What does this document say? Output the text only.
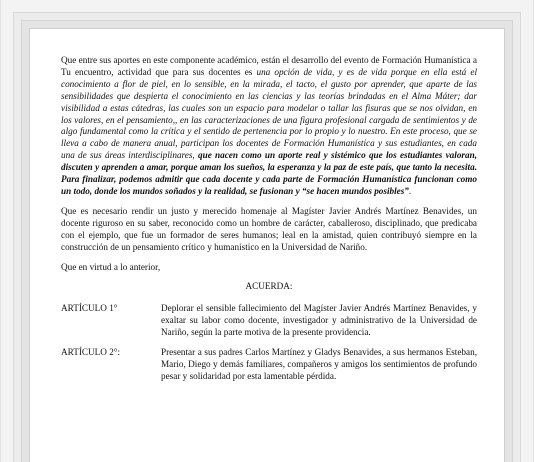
Que entre sus aportes en este componente académico, están el desarrollo del evento de Formación Humanística a Tu encuentro, actividad que para sus docentes es una opción de vida, y es de vida porque en ella está el conocimiento a flor de piel, en lo sensible, en la mirada, el tacto, el gusto por aprender, que aparte de las sensibilidades que despierta el conocimiento en las ciencias y las teorías brindadas en el Alma Máter; dar visibilidad a estas cátedras, las cuales son un espacio para modelar o tallar las fisuras que se nos olvidan, en los valores, en el pensamiento,, en las caracterizaciones de una figura profesional cargada de sentimientos y de algo fundamental como la crítica y el sentido de pertenencia por lo propio y lo nuestro. En este proceso, que se lleva a cabo de manera anual, participan los docentes de Formación Humanística y sus estudiantes, en cada una de sus áreas interdisciplinares, que nacen como un aporte real y sistémico que los estudiantes valoran, discuten y aprenden a amar, porque aman los sueños, la esperanza y la paz de este país, que tanto la necesita. Para finalizar, podemos admitir que cada docente y cada parte de Formación Humanística funcionan como un todo, donde los mundos soñados y la realidad, se fusionan y “se hacen mundos posibles”.

Que es necesario rendir un justo y merecido homenaje al Magíster Javier Andrés Martínez Benavides, un docente riguroso en su saber, reconocido como un hombre de carácter, caballeroso, disciplinado, que predicaba con el ejemplo, que fue un formador de seres humanos; leal en la amistad, quien contribuyó siempre en la construcción de un pensamiento crítico y humanístico en la Universidad de Nariño.

Que en virtud a lo anterior,

ACUERDA:
ARTÍCULO 1°	Deplorar el sensible fallecimiento del Magíster Javier Andrés Martínez Benavides, y exaltar su labor como docente, investigador y administrativo de la Universidad de Nariño, según la parte motiva de la presente providencia.
ARTÍCULO 2°:	Presentar a sus padres Carlos Martínez y Gladys Benavides, a sus hermanos Esteban, Mario, Diego y demás familiares, compañeros y amigos los sentimientos de profundo pesar y solidaridad por esta lamentable pérdida.
